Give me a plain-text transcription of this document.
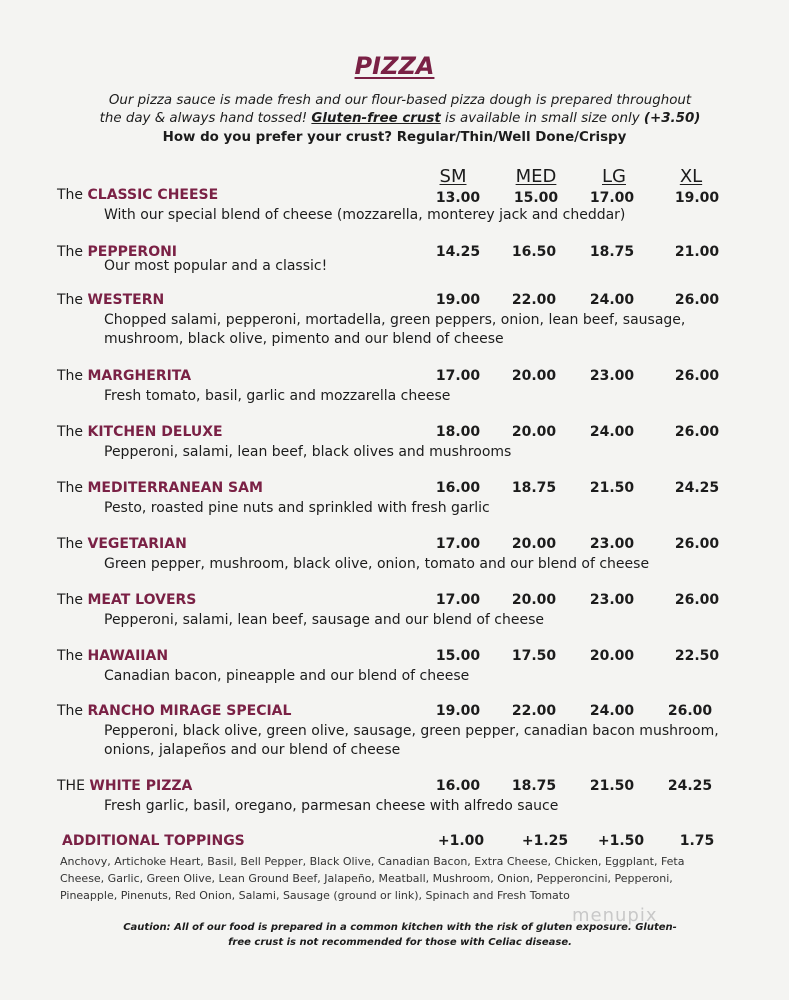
PIZZA
Our pizza sauce is made fresh and our flour-based pizza dough is prepared throughout
the day & always hand tossed! Gluten-free crust is available in small size only (+3.50)
How do you prefer your crust? Regular/Thin/Well Done/Crispy
SM	MED	LG	XL
The CLASSIC CHEESE	13.00	15.00	17.00	19.00
With our special blend of cheese (mozzarella, monterey jack and cheddar)
The PEPPERONI	14.25	16.50	18.75	21.00
Our most popular and a classic!
The WESTERN	19.00	22.00	24.00	26.00
Chopped salami, pepperoni, mortadella, green peppers, onion, lean beef, sausage, mushroom, black olive, pimento and our blend of cheese
The MARGHERITA	17.00	20.00	23.00	26.00
Fresh tomato, basil, garlic and mozzarella cheese
The KITCHEN DELUXE	18.00	20.00	24.00	26.00
Pepperoni, salami, lean beef, black olives and mushrooms
The MEDITERRANEAN SAM	16.00	18.75	21.50	24.25
Pesto, roasted pine nuts and sprinkled with fresh garlic
The VEGETARIAN	17.00	20.00	23.00	26.00
Green pepper, mushroom, black olive, onion, tomato and our blend of cheese
The MEAT LOVERS	17.00	20.00	23.00	26.00
Pepperoni, salami, lean beef, sausage and our blend of cheese
The HAWAIIAN	15.00	17.50	20.00	22.50
Canadian bacon, pineapple and our blend of cheese
The RANCHO MIRAGE SPECIAL	19.00	22.00	24.00	26.00
Pepperoni, black olive, green olive, sausage, green pepper, canadian bacon mushroom, onions, jalapeños and our blend of cheese
THE WHITE PIZZA	16.00	18.75	21.50	24.25
Fresh garlic, basil, oregano, parmesan cheese with alfredo sauce
ADDITIONAL TOPPINGS	+1.00	+1.25	+1.50	1.75
Anchovy, Artichoke Heart, Basil, Bell Pepper, Black Olive, Canadian Bacon, Extra Cheese, Chicken, Eggplant, Feta Cheese, Garlic, Green Olive, Lean Ground Beef, Jalapeño, Meatball, Mushroom, Onion, Pepperoncini, Pepperoni, Pineapple, Pinenuts, Red Onion, Salami, Sausage (ground or link), Spinach and Fresh Tomato
Caution: All of our food is prepared in a common kitchen with the risk of gluten exposure. Gluten-free crust is not recommended for those with Celiac disease.
menupix
